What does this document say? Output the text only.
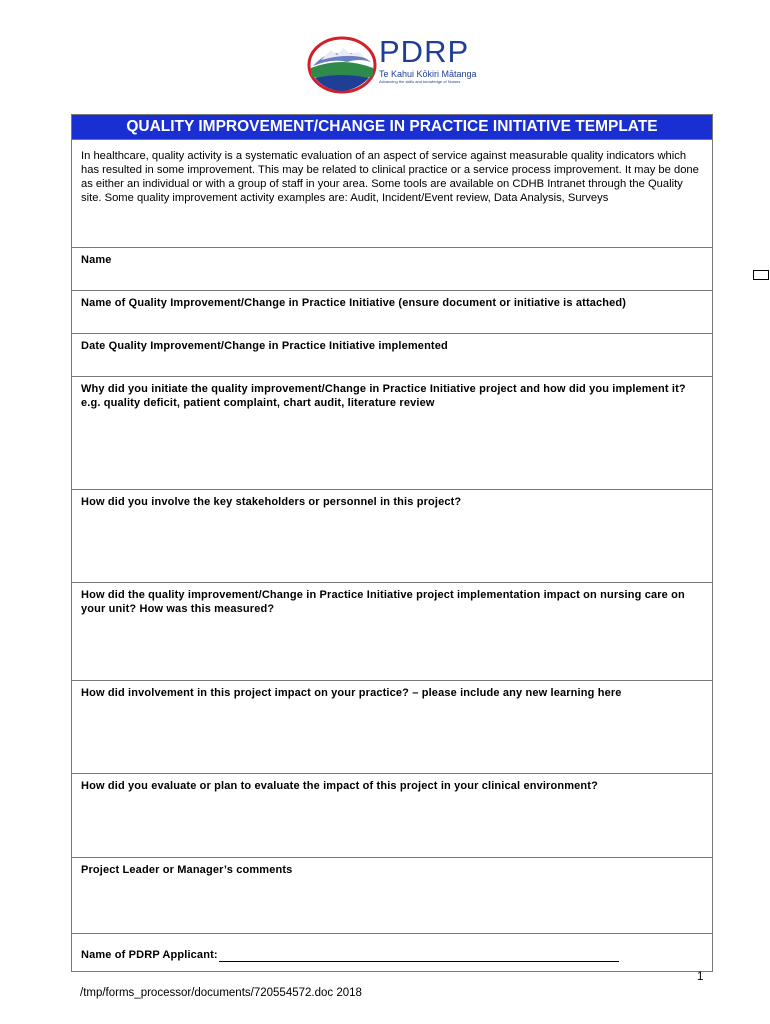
PDRP
Te Kahui Kōkiri Mātanga
Advancing the skills and knowledge of Nurses
QUALITY IMPROVEMENT/CHANGE IN PRACTICE INITIATIVE TEMPLATE
In healthcare, quality activity is a systematic evaluation of an aspect of service against measurable quality indicators which has resulted in some improvement. This may be related to clinical practice or a service process improvement. It may be done as either an individual or with a group of staff in your area. Some tools are available on CDHB Intranet through the Quality site. Some quality improvement activity examples are: Audit, Incident/Event review, Data Analysis, Surveys
Name
Name of Quality Improvement/Change in Practice Initiative (ensure document or initiative is attached)
Date Quality Improvement/Change in Practice Initiative implemented
Why did you initiate the quality improvement/Change in Practice Initiative project and how did you implement it? e.g. quality deficit, patient complaint, chart audit, literature review
How did you involve the key stakeholders or personnel in this project?
How did the quality improvement/Change in Practice Initiative project implementation impact on nursing care on your unit? How was this measured?
How did involvement in this project impact on your practice? – please include any new learning here
How did you evaluate or plan to evaluate the impact of this project in your clinical environment?
Project Leader or Manager’s comments
Name of PDRP Applicant:
1
/tmp/forms_processor/documents/720554572.doc 2018
